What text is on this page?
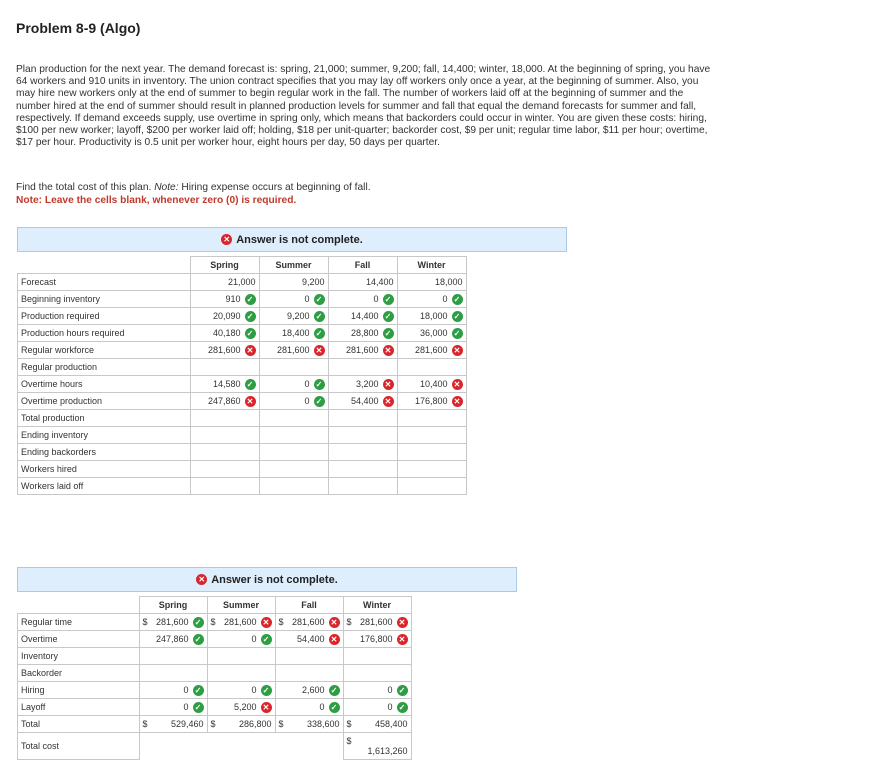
Problem 8-9 (Algo)
Plan production for the next year. The demand forecast is: spring, 21,000; summer, 9,200; fall, 14,400; winter, 18,000. At the beginning of spring, you have 64 workers and 910 units in inventory. The union contract specifies that you may lay off workers only once a year, at the beginning of summer. Also, you may hire new workers only at the end of summer to begin regular work in the fall. The number of workers laid off at the beginning of summer and the number hired at the end of summer should result in planned production levels for summer and fall that equal the demand forecasts for summer and fall, respectively. If demand exceeds supply, use overtime in spring only, which means that backorders could occur in winter. You are given these costs: hiring, $100 per new worker; layoff, $200 per worker laid off; holding, $18 per unit-quarter; backorder cost, $9 per unit; regular time labor, $11 per hour; overtime, $17 per hour. Productivity is 0.5 unit per worker hour, eight hours per day, 50 days per quarter.
Find the total cost of this plan. Note: Hiring expense occurs at beginning of fall.
Note: Leave the cells blank, whenever zero (0) is required.
✕ Answer is not complete.
	Spring	Summer	Fall	Winter
Forecast	21,000	9,200	14,400	18,000

Beginning inventory	910 ✓	0 ✓	0 ✓	0 ✓

Production required	20,090 ✓	9,200 ✓	14,400 ✓	18,000 ✓

Production hours required	40,180 ✓	18,400 ✓	28,800 ✓	36,000 ✓

Regular workforce	281,600 ✕	281,600 ✕	281,600 ✕	281,600 ✕

Regular production	

Overtime hours	14,580 ✓	0 ✓	3,200 ✕	10,400 ✕

Overtime production	247,860 ✕	0 ✓	54,400 ✕	176,800 ✕

Total production	

Ending inventory	

Ending backorders	

Workers hired	

Workers laid off	

✕ Answer is not complete.
	Spring	Summer	Fall	Winter
Regular time	$ 281,600 ✓	$ 281,600 ✕	$ 281,600 ✕	$ 281,600 ✕

Overtime	247,860 ✓	0 ✓	54,400 ✕	176,800 ✕

Inventory	

Backorder	

Hiring	0 ✓	0 ✓	2,600 ✓	0 ✓

Layoff	0 ✓	5,200 ✕	0 ✓	0 ✓

Total	$ 529,460	$ 286,800	$ 338,600	$ 458,400

Total cost				$
1,613,260
